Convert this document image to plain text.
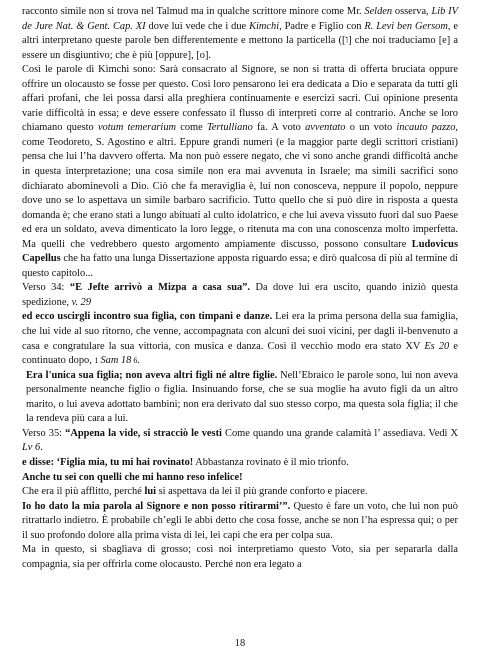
racconto simile non si trova nel Talmud ma in qualche scrittore minore come Mr. Selden osserva, Lib IV de Jure Nat. & Gent. Cap. XI dove lui vede che i due Kimchi, Padre e Figlio con R. Levi ben Gersom, e altri interpretano queste parole ben differentemente e mettono la particella ([ו] che noi traduciamo [e] a essere un disgiuntivo; che è più [oppure], [o].

Così le parole di Kimchi sono: Sarà consacrato al Signore, se non si tratta di offerta bruciata oppure offrire un olocausto se fosse per questo. Così loro pensarono lei era dedicata a Dio e separata da tutti gli affari profani, che lei possa darsi alla preghiera continuamente e esercizi sacri. Cui opinione presenta varie difficoltà in essa; e deve essere confessato il flusso di interpreti corre al contrario. Anche se loro chiamano questo votum temerarium come Tertulliano fa. A voto avventato o un voto incauto pazzo, come Teodoreto, S. Agostino e altri. Eppure grandi numeri (e la maggior parte degli scrittori cristiani) pensa che lui l’ha davvero offerta. Ma non può essere negato, che vi sono anche grandi difficoltà anche in questa interpretazione; una cosa simile non era mai avvenuta in Israele; ma simili sacrifici sono dichiarato abominevoli a Dio. Ciò che fa meraviglia è, lui non conosceva, neppure il popolo, neppure dove uno se lo aspettava un simile barbaro sacrificio. Tutto quello che si può dire in risposta a questa domanda è; che erano stati a lungo abituati al culto idolatrico, e che lui aveva vissuto fuori dal suo Paese ed era un soldato, aveva dimenticato la loro legge, o ritenuta ma con una conoscenza molto imperfetta. Ma quelli che vedrebbero questo argomento ampiamente discusso, possono consultare Ludovicus Capellus che ha fatto una lunga Dissertazione apposta riguardo essa; e dirò qualcosa di più al termine di questo capitolo...

Verso 34: “E Jefte arrivò a Mizpa a casa sua”. Da dove lui era uscito, quando iniziò questa spedizione, v. 29

ed ecco uscirgli incontro sua figlia, con timpani e danze. Lei era la prima persona della sua famiglia, che lui vide al suo ritorno, che venne, accompagnata con alcuni dei suoi vicini, per dagli il-benvenuto a casa e congratulare la sua vittoria, con musica e danza. Così il vecchio modo era stato XV Es 20 e continuato dopo, 1 Sam 18 6.

Era l'unica sua figlia; non aveva altri figli né altre figlie. Nell’Ebraico le parole sono, lui non aveva personalmente neanche figlio o figlia. Insinuando forse, che se sua moglie ha avuto figli da un altro marito, o lui aveva adottato bambini; non era derivato dal suo stesso corpo, ma questa sola figlia; il che la rendeva più cara a lui.

Verso 35: “Appena la vide, si stracciò le vesti Come quando una grande calamità l’ assediava. Vedi X Lv 6.

e disse: ‘Figlia mia, tu mi hai rovinato! Abbastanza rovinato è il mio trionfo.

Anche tu sei con quelli che mi hanno reso infelice!

Che era il più afflitto, perché lui si aspettava da lei il più grande conforto e piacere.

Io ho dato la mia parola al Signore e non posso ritirarmi’”. Questo è fare un voto, che lui non può ritrattarlo indietro. È probabile ch’egli le abbi detto che cosa fosse, anche se non l’ha espressa qui; o per il suo profondo dolore alla prima vista di lei, lei capì che era per colpa sua.

Ma in questo, si sbagliava di grosso; così noi interpretiamo questo Voto, sia per separarla dalla compagnia, sia per offrirla come olocausto. Perché non era legato a

18
